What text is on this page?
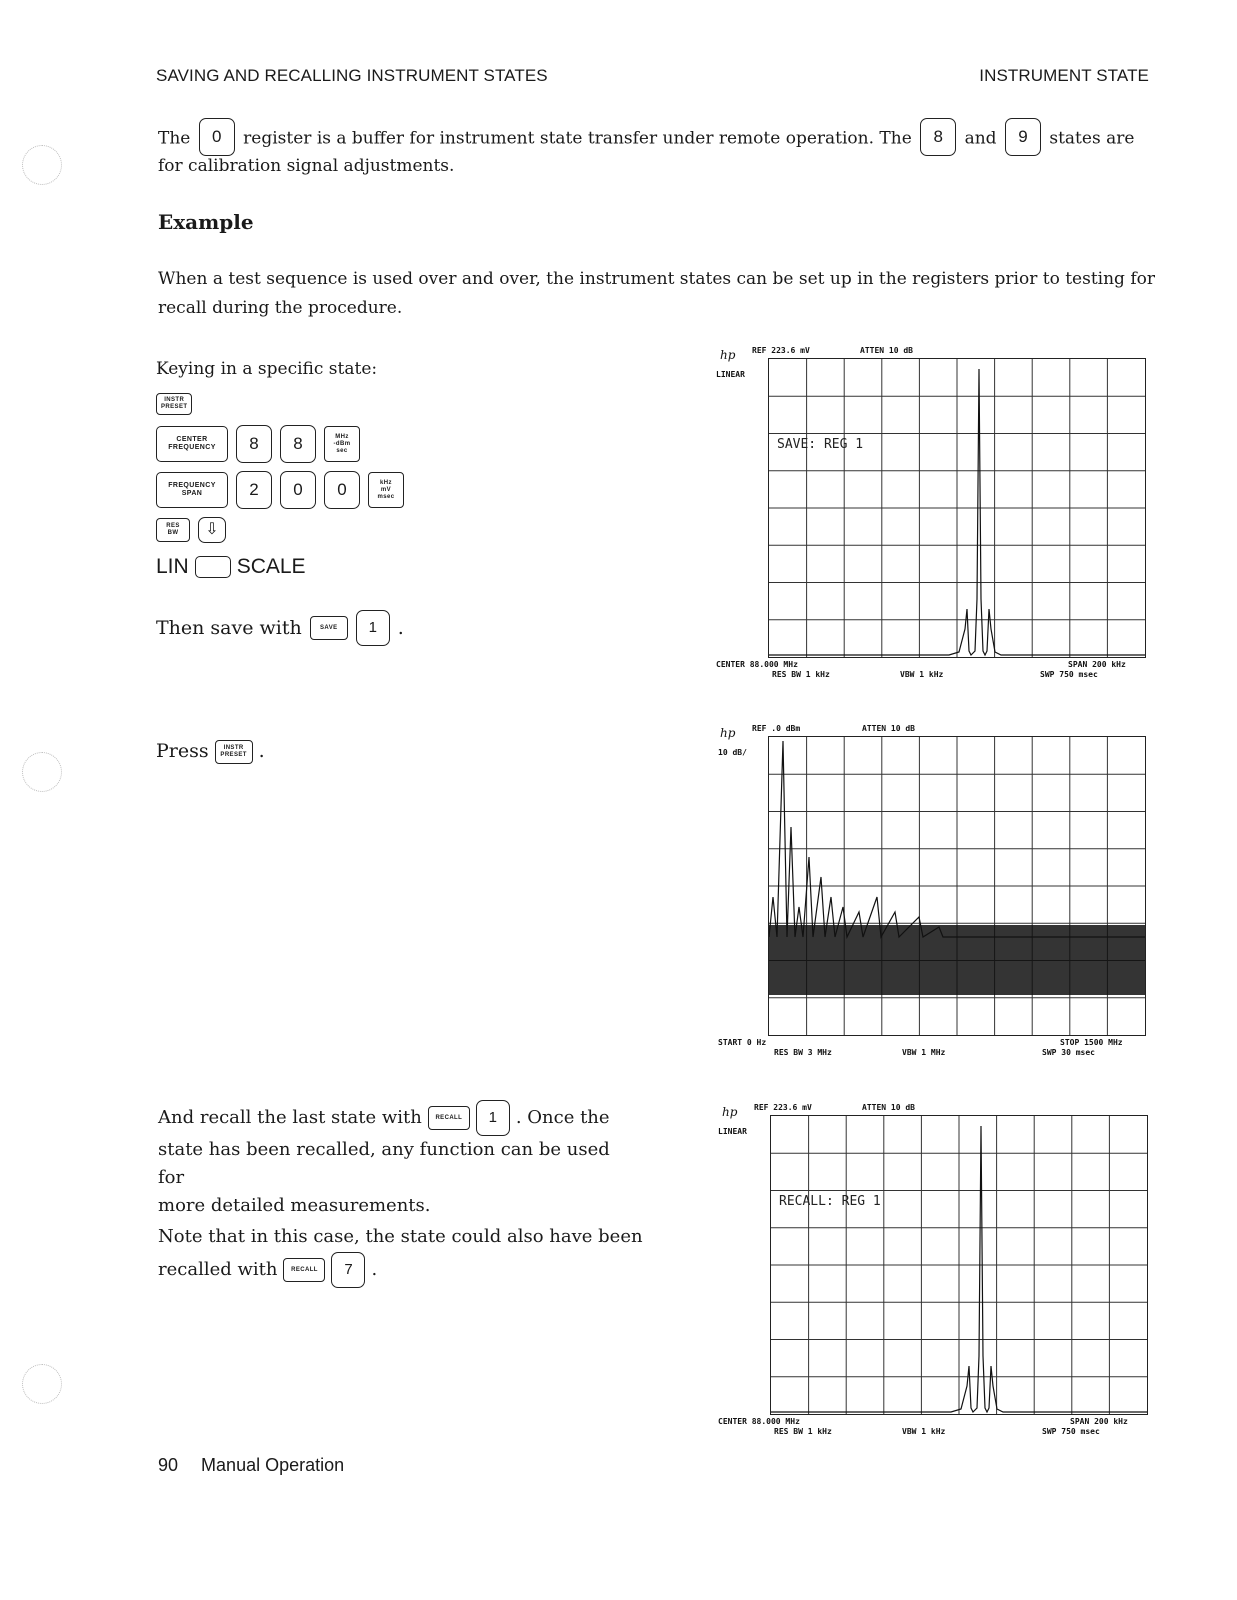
SAVING AND RECALLING INSTRUMENT STATES	INSTRUMENT STATE
The 0 register is a buffer for instrument state transfer under remote operation. The 8 and 9 states are
for calibration signal adjustments.
Example
When a test sequence is used over and over, the instrument states can be set up in the registers prior to testing for
recall during the procedure.
Keying in a specific state:
INSTR
PRESET
CENTER
FREQUENCY	8	8	MHz
-dBm
sec
FREQUENCY
SPAN	2	0	0	kHz
mV
msec
RES
BW	⇩
LIN SCALE
Then save with	SAVE	1	.
Press	INSTR
PRESET .
And recall the last state with	RECALL	1	. Once the
state has been recalled, any function can be used for
more detailed measurements.
Note that in this case, the state could also have been
recalled with	RECALL	7	.
hp REF 223.6 mV	ATTEN 10 dB
LINEAR
SAVE: REG 1
CENTER 88.000 MHz
RES BW 1 kHz	VBW 1 kHz
SPAN 200 kHz
SWP 750 msec
hp REF .0 dBm	ATTEN 10 dB
10 dB/
START 0 Hz
RES BW 3 MHz	VBW 1 MHz
STOP 1500 MHz
SWP 30 msec
hp REF 223.6 mV	ATTEN 10 dB
LINEAR
RECALL: REG 1
CENTER 88.000 MHz
RES BW 1 kHz	VBW 1 kHz
SPAN 200 kHz
SWP 750 msec
90 Manual Operation
